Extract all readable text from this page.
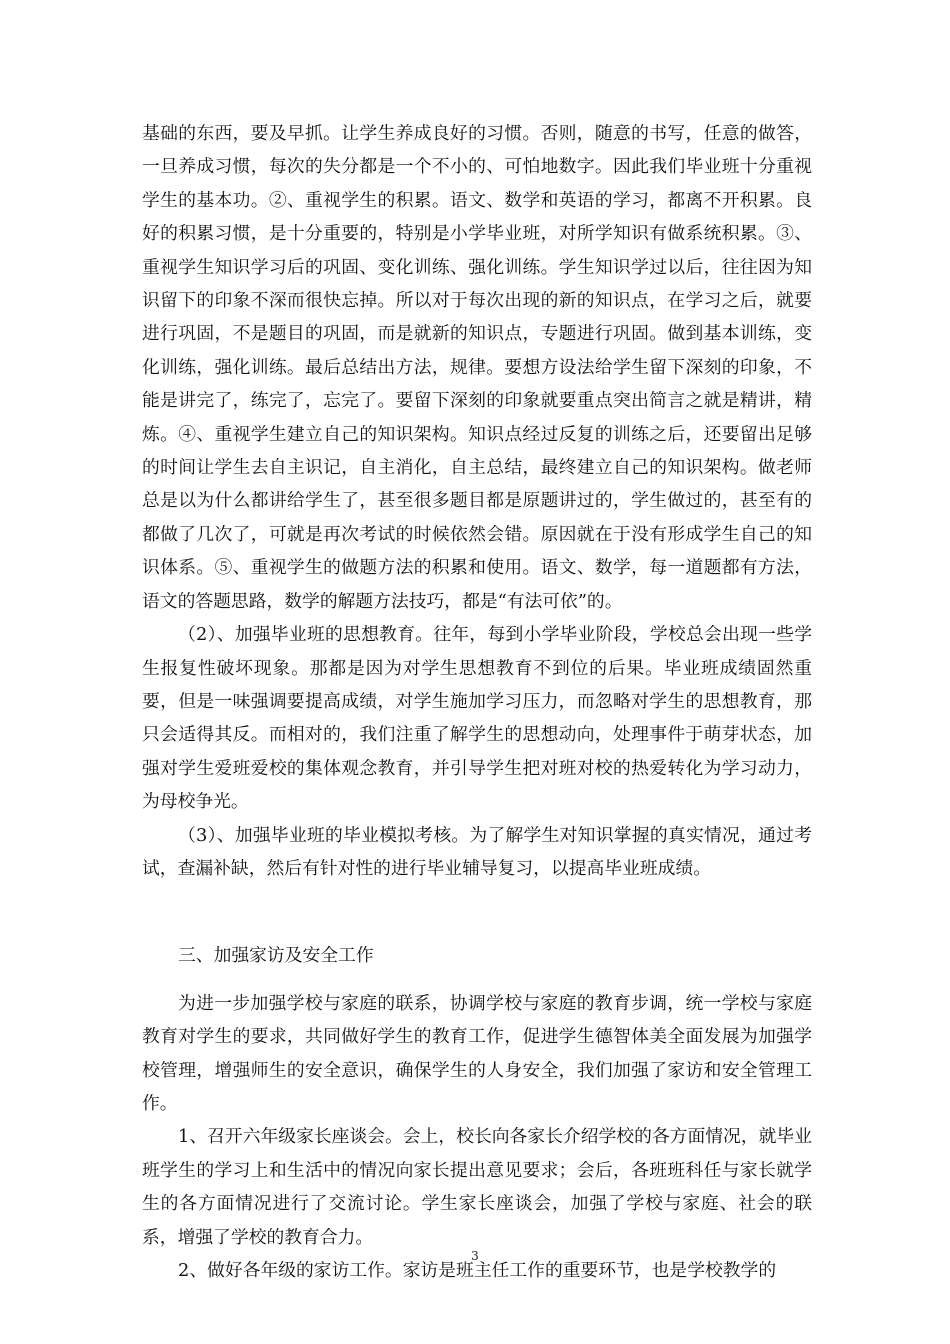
基础的东西，要及早抓。让学生养成良好的习惯。否则，随意的书写，任意的做答，一旦养成习惯，每次的失分都是一个不小的、可怕地数字。因此我们毕业班十分重视学生的基本功。②、重视学生的积累。语文、数学和英语的学习，都离不开积累。良好的积累习惯，是十分重要的，特别是小学毕业班，对所学知识有做系统积累。③、重视学生知识学习后的巩固、变化训练、强化训练。学生知识学过以后，往往因为知识留下的印象不深而很快忘掉。所以对于每次出现的新的知识点，在学习之后，就要进行巩固，不是题目的巩固，而是就新的知识点，专题进行巩固。做到基本训练，变化训练，强化训练。最后总结出方法，规律。要想方设法给学生留下深刻的印象，不能是讲完了，练完了，忘完了。要留下深刻的印象就要重点突出简言之就是精讲，精炼。④、重视学生建立自己的知识架构。知识点经过反复的训练之后，还要留出足够的时间让学生去自主识记，自主消化，自主总结，最终建立自己的知识架构。做老师总是以为什么都讲给学生了，甚至很多题目都是原题讲过的，学生做过的，甚至有的都做了几次了，可就是再次考试的时候依然会错。原因就在于没有形成学生自己的知识体系。⑤、重视学生的做题方法的积累和使用。语文、数学，每一道题都有方法，语文的答题思路，数学的解题方法技巧，都是“有法可依”的。

（2）、加强毕业班的思想教育。往年，每到小学毕业阶段，学校总会出现一些学生报复性破坏现象。那都是因为对学生思想教育不到位的后果。毕业班成绩固然重要，但是一味强调要提高成绩，对学生施加学习压力，而忽略对学生的思想教育，那只会适得其反。而相对的，我们注重了解学生的思想动向，处理事件于萌芽状态，加强对学生爱班爱校的集体观念教育，并引导学生把对班对校的热爱转化为学习动力，为母校争光。

（3）、加强毕业班的毕业模拟考核。为了解学生对知识掌握的真实情况，通过考试，查漏补缺，然后有针对性的进行毕业辅导复习，以提高毕业班成绩。

三、加强家访及安全工作

为进一步加强学校与家庭的联系，协调学校与家庭的教育步调，统一学校与家庭教育对学生的要求，共同做好学生的教育工作，促进学生德智体美全面发展为加强学校管理，增强师生的安全意识，确保学生的人身安全，我们加强了家访和安全管理工作。

1、召开六年级家长座谈会。会上，校长向各家长介绍学校的各方面情况，就毕业班学生的学习上和生活中的情况向家长提出意见要求；会后，各班班科任与家长就学生的各方面情况进行了交流讨论。学生家长座谈会，加强了学校与家庭、社会的联系，增强了学校的教育合力。

2、做好各年级的家访工作。家访是班主任工作的重要环节，也是学校教学的

3
